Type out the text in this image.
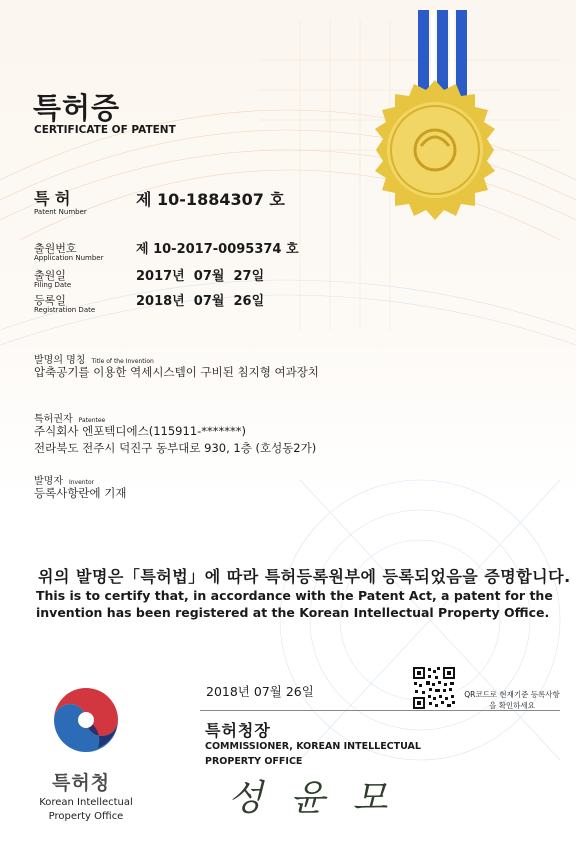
특허증
CERTIFICATE OF PATENT
특 허
Patent Number
제 10-1884307 호
출원번호
Application Number
제 10-2017-0095374 호
출원일
Filing Date
2017년  07월  27일
등록일
Registration Date
2018년  07월  26일
발명의 명칭 Title of the Invention
압축공기를 이용한 역세시스템이 구비된 침지형 여과장치
특허권자 Patentee
주식회사 엔포텍디에스(115911-*******)
전라북도 전주시 덕진구 동부대로 930, 1층 (호성동2가)
발명자 Inventor
등록사항란에 기재
위의 발명은「특허법」에 따라 특허등록원부에 등록되었음을 증명합니다.
This is to certify that, in accordance with the Patent Act, a patent for the invention has been registered at the Korean Intellectual Property Office.
2018년 07월 26일	QR코드로 현재기준 등록사항을 확인하세요
특허청장
COMMISSIONER, KOREAN INTELLECTUAL PROPERTY OFFICE
성 윤 모
특허청
Korean Intellectual Property Office
